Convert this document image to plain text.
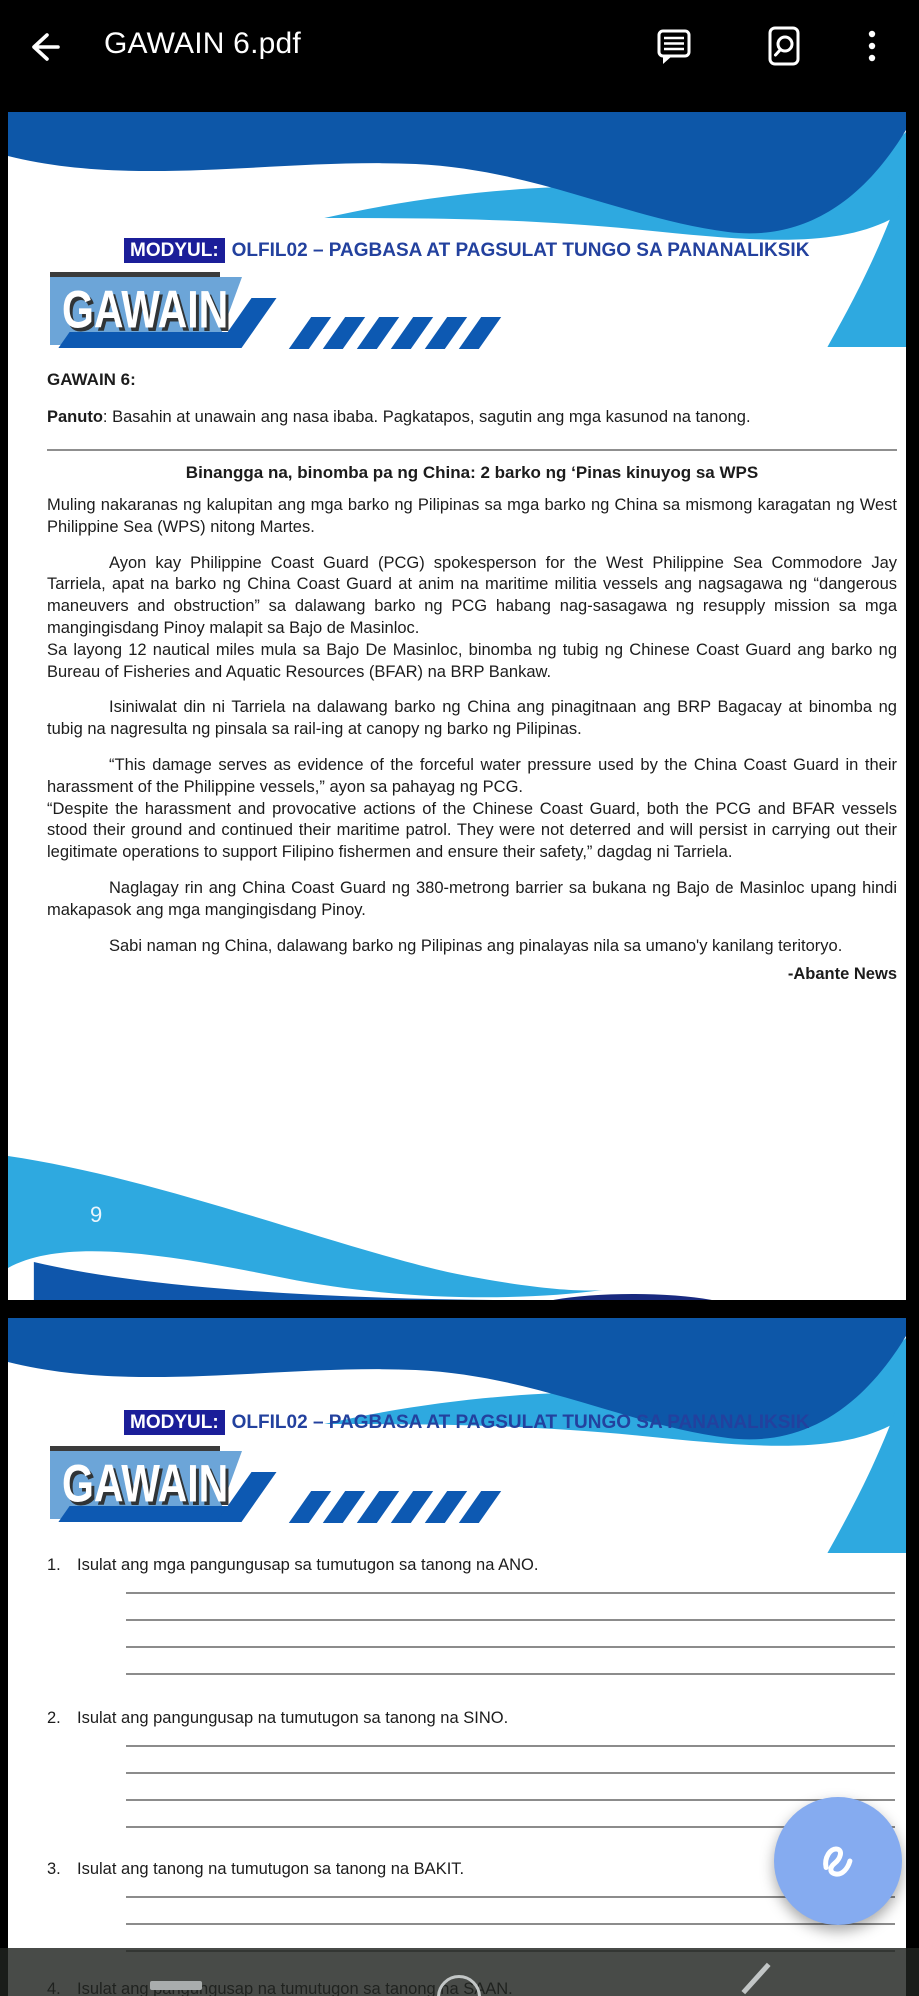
GAWAIN 6.pdf
MODYUL: OLFIL02 – PAGBASA AT PAGSULAT TUNGO SA PANANALIKSIK
GAWAIN
GAWAIN 6:
Panuto: Basahin at unawain ang nasa ibaba. Pagkatapos, sagutin ang mga kasunod na tanong.
Binangga na, binomba pa ng China: 2 barko ng ‘Pinas kinuyog sa WPS
Muling nakaranas ng kalupitan ang mga barko ng Pilipinas sa mga barko ng China sa mismong karagatan ng West Philippine Sea (WPS) nitong Martes.
Ayon kay Philippine Coast Guard (PCG) spokesperson for the West Philippine Sea Commodore Jay Tarriela, apat na barko ng China Coast Guard at anim na maritime militia vessels ang nagsagawa ng “dangerous maneuvers and obstruction” sa dalawang barko ng PCG habang nag-sasagawa ng resupply mission sa mga mangingisdang Pinoy malapit sa Bajo de Masinloc.
Sa layong 12 nautical miles mula sa Bajo De Masinloc, binomba ng tubig ng Chinese Coast Guard ang barko ng Bureau of Fisheries and Aquatic Resources (BFAR) na BRP Bankaw.
Isiniwalat din ni Tarriela na dalawang barko ng China ang pinagitnaan ang BRP Bagacay at binomba ng tubig na nagresulta ng pinsala sa rail-ing at canopy ng barko ng Pilipinas.
“This damage serves as evidence of the forceful water pressure used by the China Coast Guard in their harassment of the Philippine vessels,” ayon sa pahayag ng PCG.
“Despite the harassment and provocative actions of the Chinese Coast Guard, both the PCG and BFAR vessels stood their ground and continued their maritime patrol. They were not deterred and will persist in carrying out their legitimate operations to support Filipino fishermen and ensure their safety,” dagdag ni Tarriela.
Naglagay rin ang China Coast Guard ng 380-metrong barrier sa bukana ng Bajo de Masinloc upang hindi makapasok ang mga mangingisdang Pinoy.
Sabi naman ng China, dalawang barko ng Pilipinas ang pinalayas nila sa umano'y kanilang teritoryo.
-Abante News
9
MODYUL: OLFIL02 – PAGBASA AT PAGSULAT TUNGO SA PANANALIKSIK
GAWAIN
1. Isulat ang mga pangungusap sa tumutugon sa tanong na ANO.
2. Isulat ang pangungusap na tumutugon sa tanong na SINO.
3. Isulat ang tanong na tumutugon sa tanong na BAKIT.
